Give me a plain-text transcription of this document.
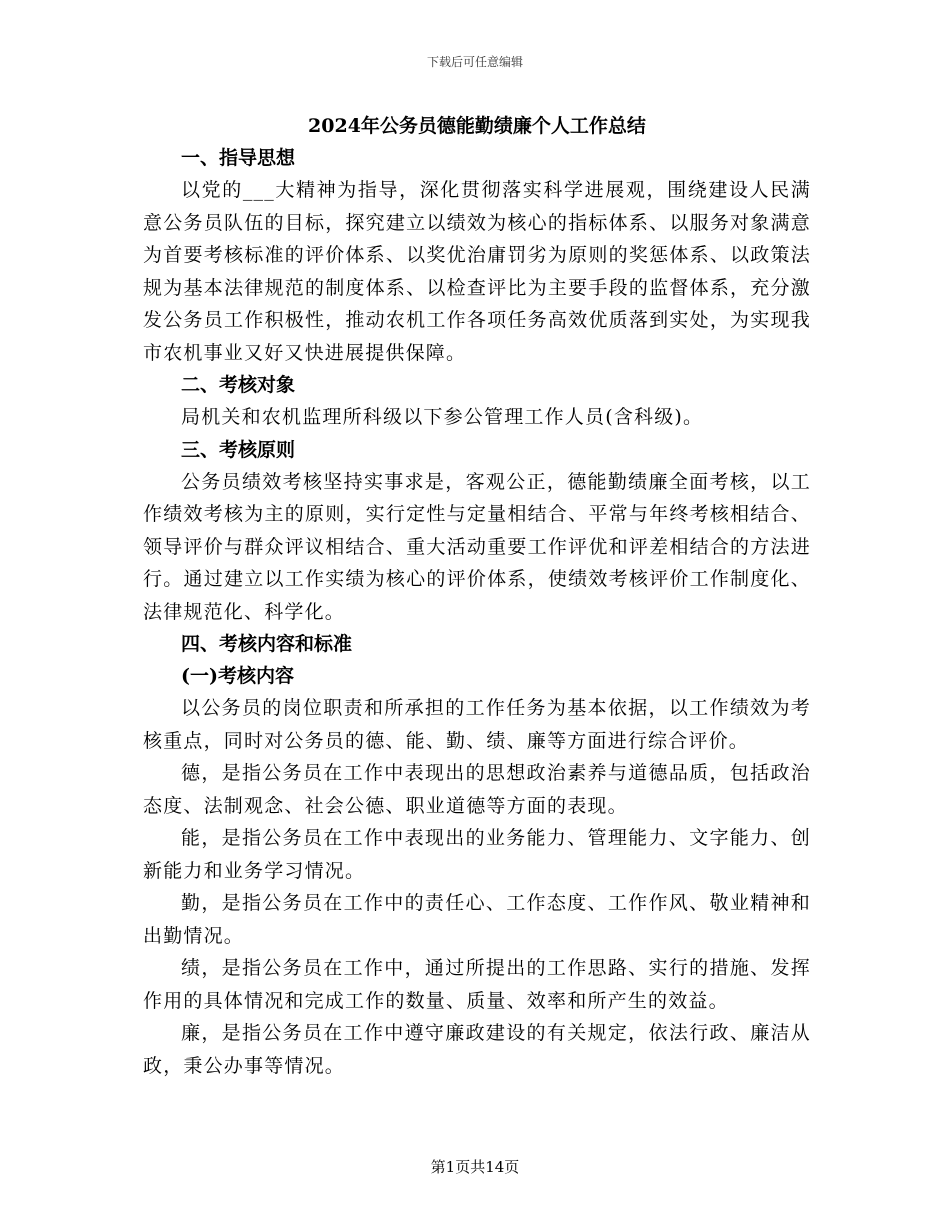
下载后可任意编辑

2024年公务员德能勤绩廉个人工作总结

一、指导思想

以党的___大精神为指导，深化贯彻落实科学进展观，围绕建设人民满意公务员队伍的目标，探究建立以绩效为核心的指标体系、以服务对象满意为首要考核标准的评价体系、以奖优治庸罚劣为原则的奖惩体系、以政策法规为基本法律规范的制度体系、以检查评比为主要手段的监督体系，充分激发公务员工作积极性，推动农机工作各项任务高效优质落到实处，为实现我市农机事业又好又快进展提供保障。

二、考核对象

局机关和农机监理所科级以下参公管理工作人员(含科级)。

三、考核原则

公务员绩效考核坚持实事求是，客观公正，德能勤绩廉全面考核，以工作绩效考核为主的原则，实行定性与定量相结合、平常与年终考核相结合、领导评价与群众评议相结合、重大活动重要工作评优和评差相结合的方法进行。通过建立以工作实绩为核心的评价体系，使绩效考核评价工作制度化、法律规范化、科学化。

四、考核内容和标准

(一)考核内容

以公务员的岗位职责和所承担的工作任务为基本依据，以工作绩效为考核重点，同时对公务员的德、能、勤、绩、廉等方面进行综合评价。

德，是指公务员在工作中表现出的思想政治素养与道德品质，包括政治态度、法制观念、社会公德、职业道德等方面的表现。

能，是指公务员在工作中表现出的业务能力、管理能力、文字能力、创新能力和业务学习情况。

勤，是指公务员在工作中的责任心、工作态度、工作作风、敬业精神和出勤情况。

绩，是指公务员在工作中，通过所提出的工作思路、实行的措施、发挥作用的具体情况和完成工作的数量、质量、效率和所产生的效益。

廉，是指公务员在工作中遵守廉政建设的有关规定，依法行政、廉洁从政，秉公办事等情况。

第1页共14页
